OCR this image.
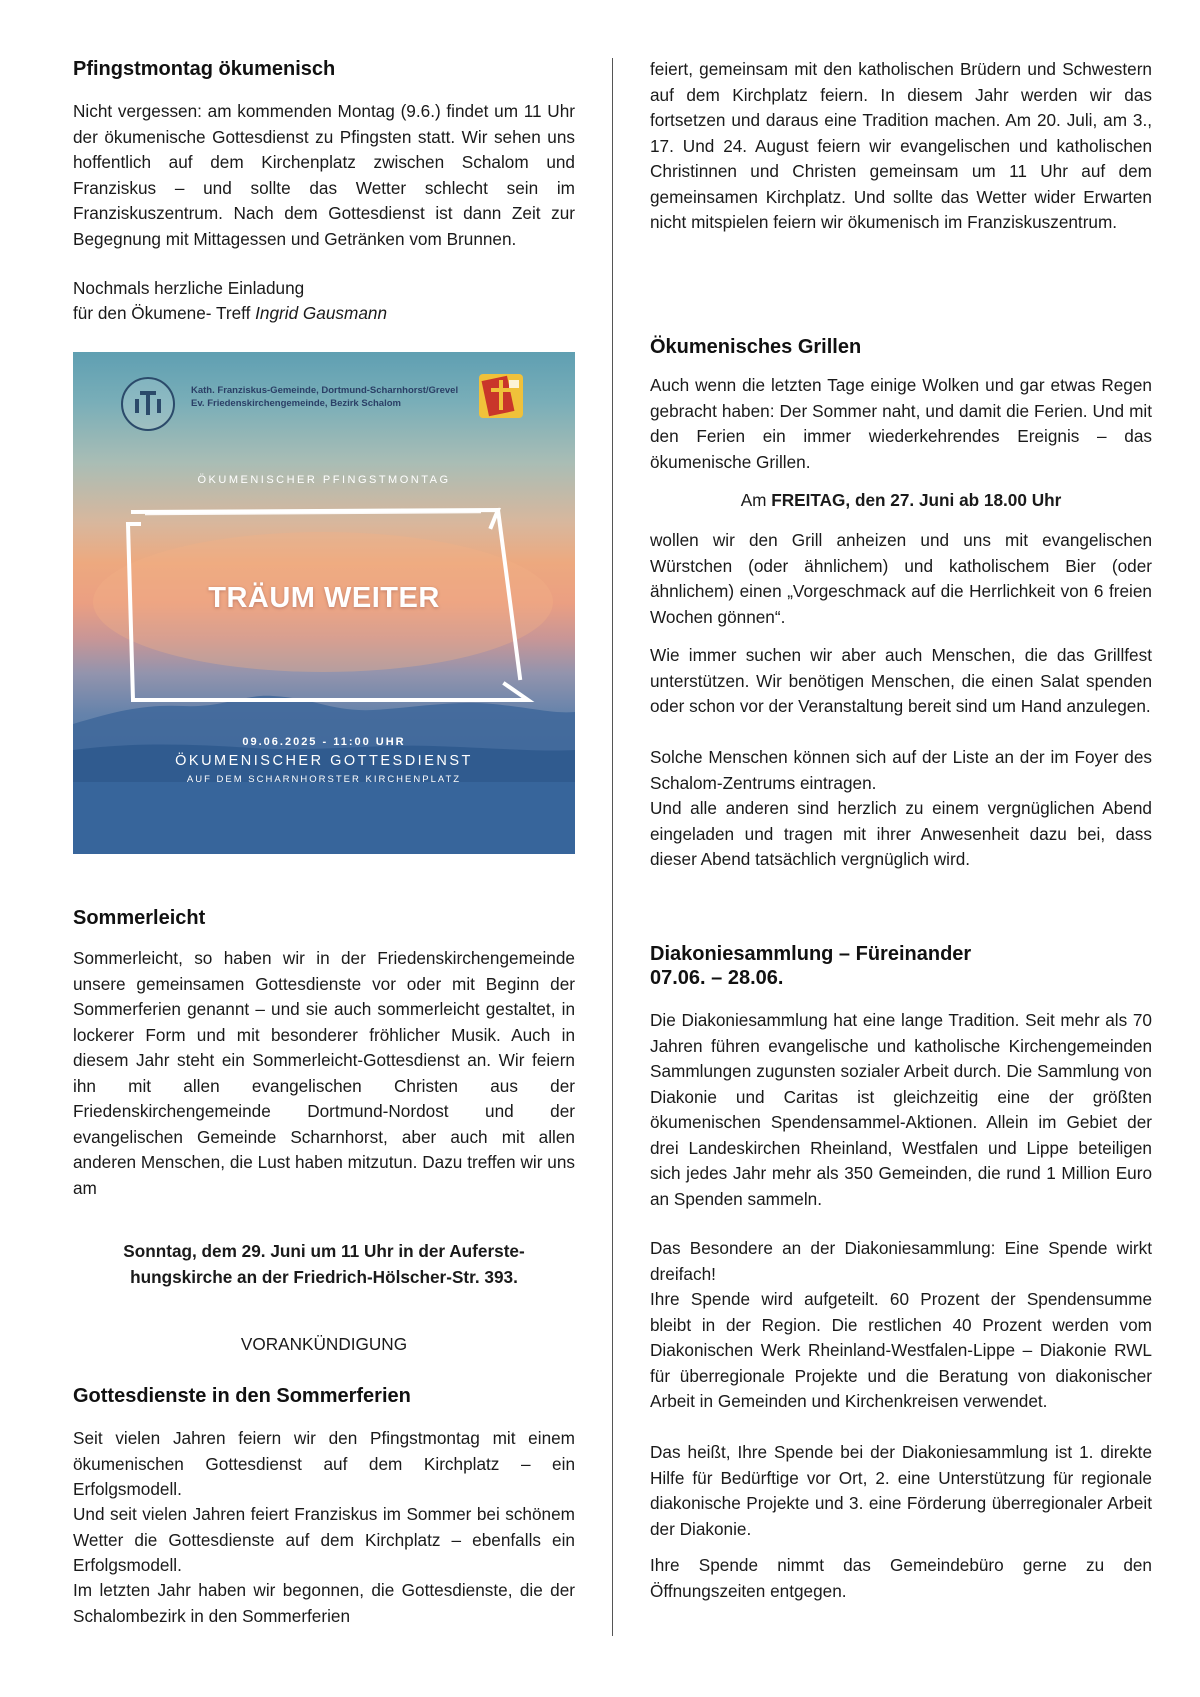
Pfingstmontag ökumenisch

Nicht vergessen: am kommenden Montag (9.6.) findet um 11 Uhr der ökumenische Gottesdienst zu Pfingsten statt. Wir sehen uns hoffentlich auf dem Kirchenplatz zwischen Schalom und Franziskus – und sollte das Wetter schlecht sein im Franziskuszentrum. Nach dem Gottesdienst ist dann Zeit zur Begegnung mit Mittagessen und Getränken vom Brunnen.

Nochmals herzliche Einladung

für den Ökumene- Treff Ingrid Gausmann

Kath. Franziskus-Gemeinde, Dortmund-Scharnhorst/Grevel
Ev. Friedenskirchengemeinde, Bezirk Schalom
ÖKUMENISCHER PFINGSTMONTAG
TRÄUM WEITER
09.06.2025 - 11:00 UHR
ÖKUMENISCHER GOTTESDIENST
AUF DEM SCHARNHORSTER KIRCHENPLATZ
Sommerleicht

Sommerleicht, so haben wir in der Friedenskirchengemeinde unsere gemeinsamen Gottesdienste vor oder mit Beginn der Sommerferien genannt – und sie auch sommerleicht gestaltet, in lockerer Form und mit besonderer fröhlicher Musik. Auch in diesem Jahr steht ein Sommerleicht-Gottesdienst an. Wir feiern ihn mit allen evangelischen Christen aus der Friedenskirchengemeinde Dortmund-Nordost und der evangelischen Gemeinde Scharnhorst, aber auch mit allen anderen Menschen, die Lust haben mitzutun. Dazu treffen wir uns am

Sonntag, dem 29. Juni um 11 Uhr in der Auferste-
hungskirche an der Friedrich-Hölscher-Str. 393.

VORANKÜNDIGUNG

Gottesdienste in den Sommerferien

Seit vielen Jahren feiern wir den Pfingstmontag mit einem ökumenischen Gottesdienst auf dem Kirchplatz – ein Erfolgsmodell.

Und seit vielen Jahren feiert Franziskus im Sommer bei schönem Wetter die Gottesdienste auf dem Kirchplatz – ebenfalls ein Erfolgsmodell.

Im letzten Jahr haben wir begonnen, die Gottesdienste, die der Schalombezirk in den Sommerferien

feiert, gemeinsam mit den katholischen Brüdern und Schwestern auf dem Kirchplatz feiern. In diesem Jahr werden wir das fortsetzen und daraus eine Tradition machen. Am 20. Juli, am 3., 17. Und 24. August feiern wir evangelischen und katholischen Christinnen und Christen gemeinsam um 11 Uhr auf dem gemeinsamen Kirchplatz. Und sollte das Wetter wider Erwarten nicht mitspielen feiern wir ökumenisch im Franziskuszentrum.

Ökumenisches Grillen

Auch wenn die letzten Tage einige Wolken und gar etwas Regen gebracht haben: Der Sommer naht, und damit die Ferien. Und mit den Ferien ein immer wiederkehrendes Ereignis – das ökumenische Grillen.

Am FREITAG, den 27. Juni ab 18.00 Uhr

wollen wir den Grill anheizen und uns mit evangelischen Würstchen (oder ähnlichem) und katholischem Bier (oder ähnlichem) einen „Vorgeschmack auf die Herrlichkeit von 6 freien Wochen gönnen“.

Wie immer suchen wir aber auch Menschen, die das Grillfest unterstützen. Wir benötigen Menschen, die einen Salat spenden oder schon vor der Veranstaltung bereit sind um Hand anzulegen.

Solche Menschen können sich auf der Liste an der im Foyer des Schalom-Zentrums eintragen.

Und alle anderen sind herzlich zu einem vergnüglichen Abend eingeladen und tragen mit ihrer Anwesenheit dazu bei, dass dieser Abend tatsächlich vergnüglich wird.

Diakoniesammlung – Füreinander
07.06. – 28.06.

Die Diakoniesammlung hat eine lange Tradition. Seit mehr als 70 Jahren führen evangelische und katholische Kirchengemeinden Sammlungen zugunsten sozialer Arbeit durch. Die Sammlung von Diakonie und Caritas ist gleichzeitig eine der größten ökumenischen Spendensammel-Aktionen. Allein im Gebiet der drei Landeskirchen Rheinland, Westfalen und Lippe beteiligen sich jedes Jahr mehr als 350 Gemeinden, die rund 1 Million Euro an Spenden sammeln.

Das Besondere an der Diakoniesammlung: Eine Spende wirkt dreifach!

Ihre Spende wird aufgeteilt. 60 Prozent der Spendensumme bleibt in der Region. Die restlichen 40 Prozent werden vom Diakonischen Werk Rheinland-Westfalen-Lippe – Diakonie RWL für überregionale Projekte und die Beratung von diakonischer Arbeit in Gemeinden und Kirchenkreisen verwendet.

Das heißt, Ihre Spende bei der Diakoniesammlung ist 1. direkte Hilfe für Bedürftige vor Ort, 2. eine Unterstützung für regionale diakonische Projekte und 3. eine Förderung überregionaler Arbeit der Diakonie.

Ihre Spende nimmt das Gemeindebüro gerne zu den Öffnungszeiten entgegen.
